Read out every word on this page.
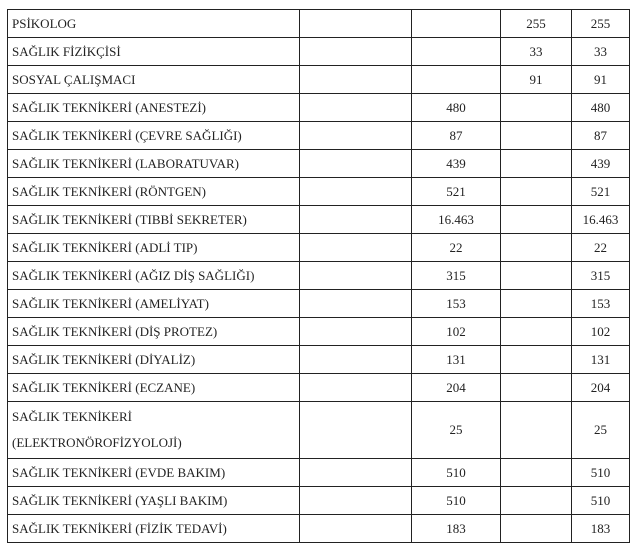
PSİKOLOG			255	255
SAĞLIK FİZİKÇİSİ			33	33
SOSYAL ÇALIŞMACI			91	91
SAĞLIK TEKNİKERİ (ANESTEZİ)		480		480
SAĞLIK TEKNİKERİ (ÇEVRE SAĞLIĞI)		87		87
SAĞLIK TEKNİKERİ (LABORATUVAR)		439		439
SAĞLIK TEKNİKERİ (RÖNTGEN)		521		521
SAĞLIK TEKNİKERİ (TIBBİ SEKRETER)		16.463		16.463
SAĞLIK TEKNİKERİ (ADLİ TIP)		22		22
SAĞLIK TEKNİKERİ (AĞIZ DİŞ SAĞLIĞI)		315		315
SAĞLIK TEKNİKERİ (AMELİYAT)		153		153
SAĞLIK TEKNİKERİ (DİŞ PROTEZ)		102		102
SAĞLIK TEKNİKERİ (DİYALİZ)		131		131
SAĞLIK TEKNİKERİ (ECZANE)		204		204

SAĞLIK TEKNİKERİ
(ELEKTRONÖROFİZYOLOJİ)		25		25
SAĞLIK TEKNİKERİ (EVDE BAKIM)		510		510
SAĞLIK TEKNİKERİ (YAŞLI BAKIM)		510		510
SAĞLIK TEKNİKERİ (FİZİK TEDAVİ)		183		183
